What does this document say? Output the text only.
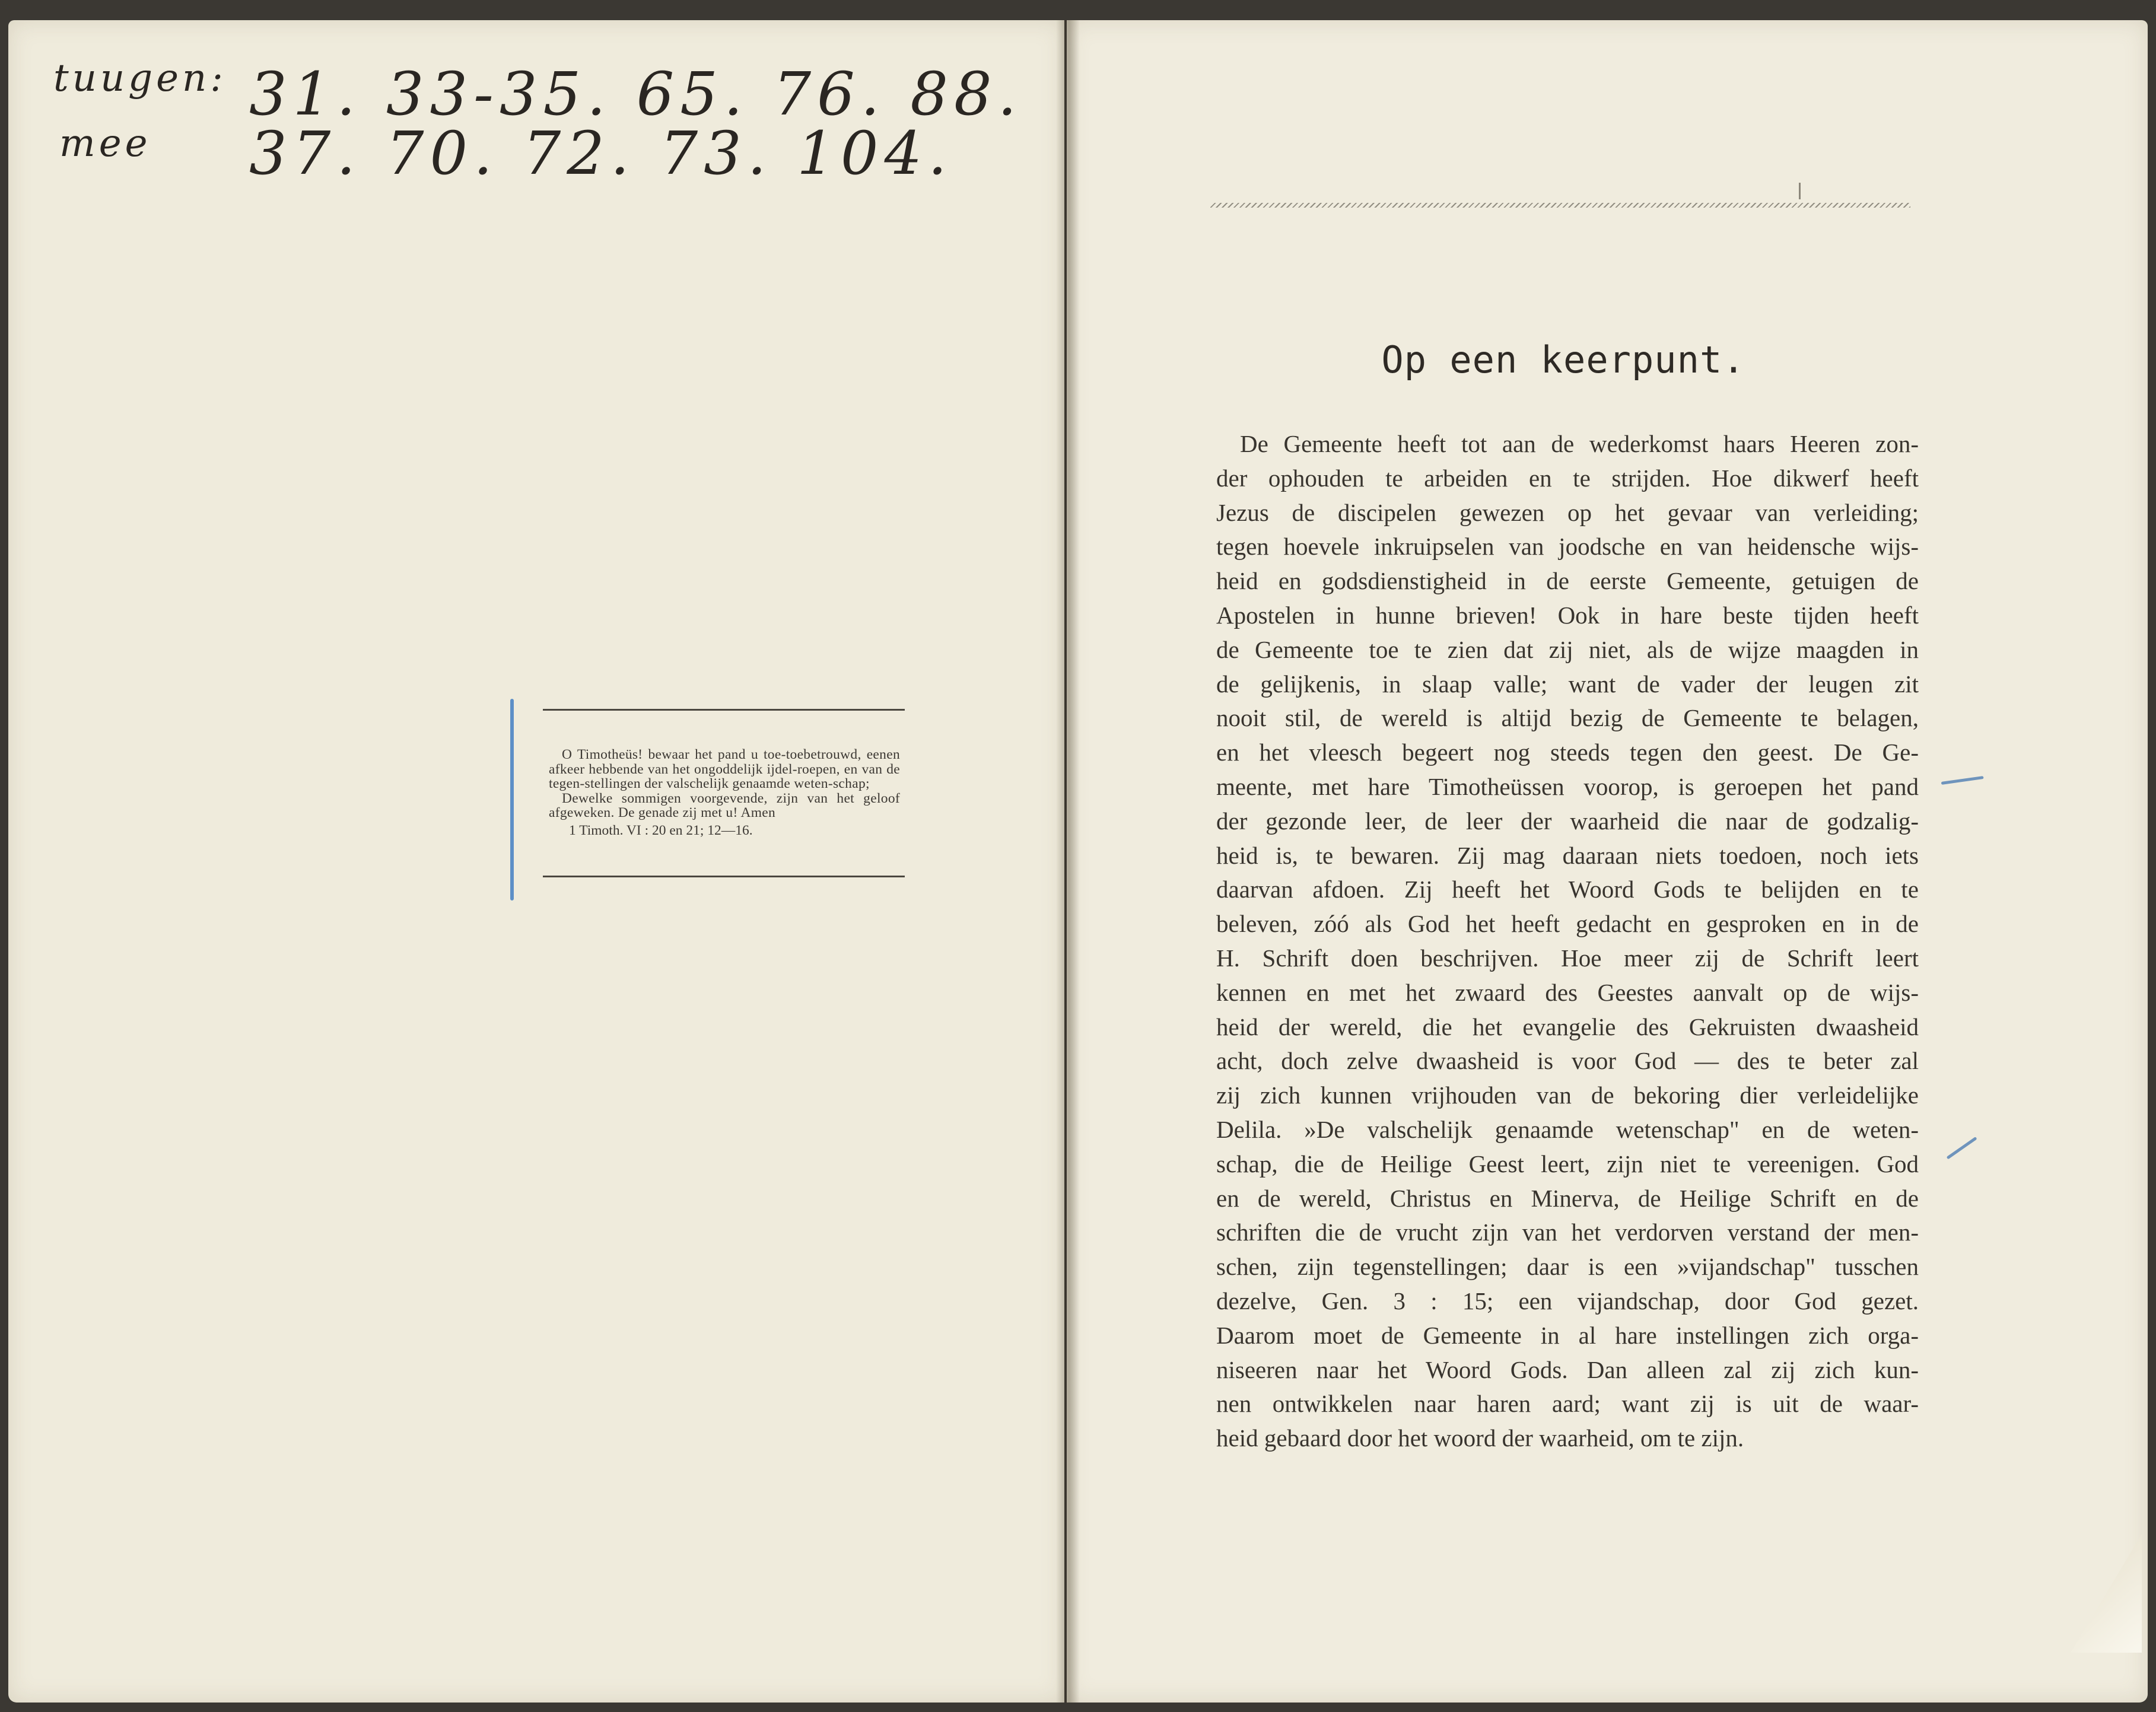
tuugen: 31. 33-35. 65. 76. 88.
mee 37. 70. 72. 73. 104.

O Timotheüs! bewaar het pand u toe-toebetrouwd, eenen afkeer hebbende van het ongoddelijk ijdel-roepen, en van de tegen-stellingen der valschelijk genaamde weten-schap;

Dewelke sommigen voorgevende, zijn van het geloof afgeweken. De genade zij met u! Amen

1 Timoth. VI : 20 en 21; 12—16.
Op een keerpunt.
De Gemeente heeft tot aan de wederkomst haars Heeren zon-
der ophouden te arbeiden en te strijden. Hoe dikwerf heeft
Jezus de discipelen gewezen op het gevaar van verleiding;
tegen hoevele inkruipselen van joodsche en van heidensche wijs-
heid en godsdienstigheid in de eerste Gemeente, getuigen de
Apostelen in hunne brieven! Ook in hare beste tijden heeft
de Gemeente toe te zien dat zij niet, als de wijze maagden in
de gelijkenis, in slaap valle; want de vader der leugen zit
nooit stil, de wereld is altijd bezig de Gemeente te belagen,
en het vleesch begeert nog steeds tegen den geest. De Ge-
meente, met hare Timotheüssen voorop, is geroepen het pand
der gezonde leer, de leer der waarheid die naar de godzalig-
heid is, te bewaren. Zij mag daaraan niets toedoen, noch iets
daarvan afdoen. Zij heeft het Woord Gods te belijden en te
beleven, zóó als God het heeft gedacht en gesproken en in de
H. Schrift doen beschrijven. Hoe meer zij de Schrift leert
kennen en met het zwaard des Geestes aanvalt op de wijs-
heid der wereld, die het evangelie des Gekruisten dwaasheid
acht, doch zelve dwaasheid is voor God — des te beter zal
zij zich kunnen vrijhouden van de bekoring dier verleidelijke
Delila. »De valschelijk genaamde wetenschap" en de weten-
schap, die de Heilige Geest leert, zijn niet te vereenigen. God
en de wereld, Christus en Minerva, de Heilige Schrift en de
schriften die de vrucht zijn van het verdorven verstand der men-
schen, zijn tegenstellingen; daar is een »vijandschap" tusschen
dezelve, Gen. 3 : 15; een vijandschap, door God gezet.
Daarom moet de Gemeente in al hare instellingen zich orga-
niseeren naar het Woord Gods. Dan alleen zal zij zich kun-
nen ontwikkelen naar haren aard; want zij is uit de waar-
heid gebaard door het woord der waarheid, om te zijn.
